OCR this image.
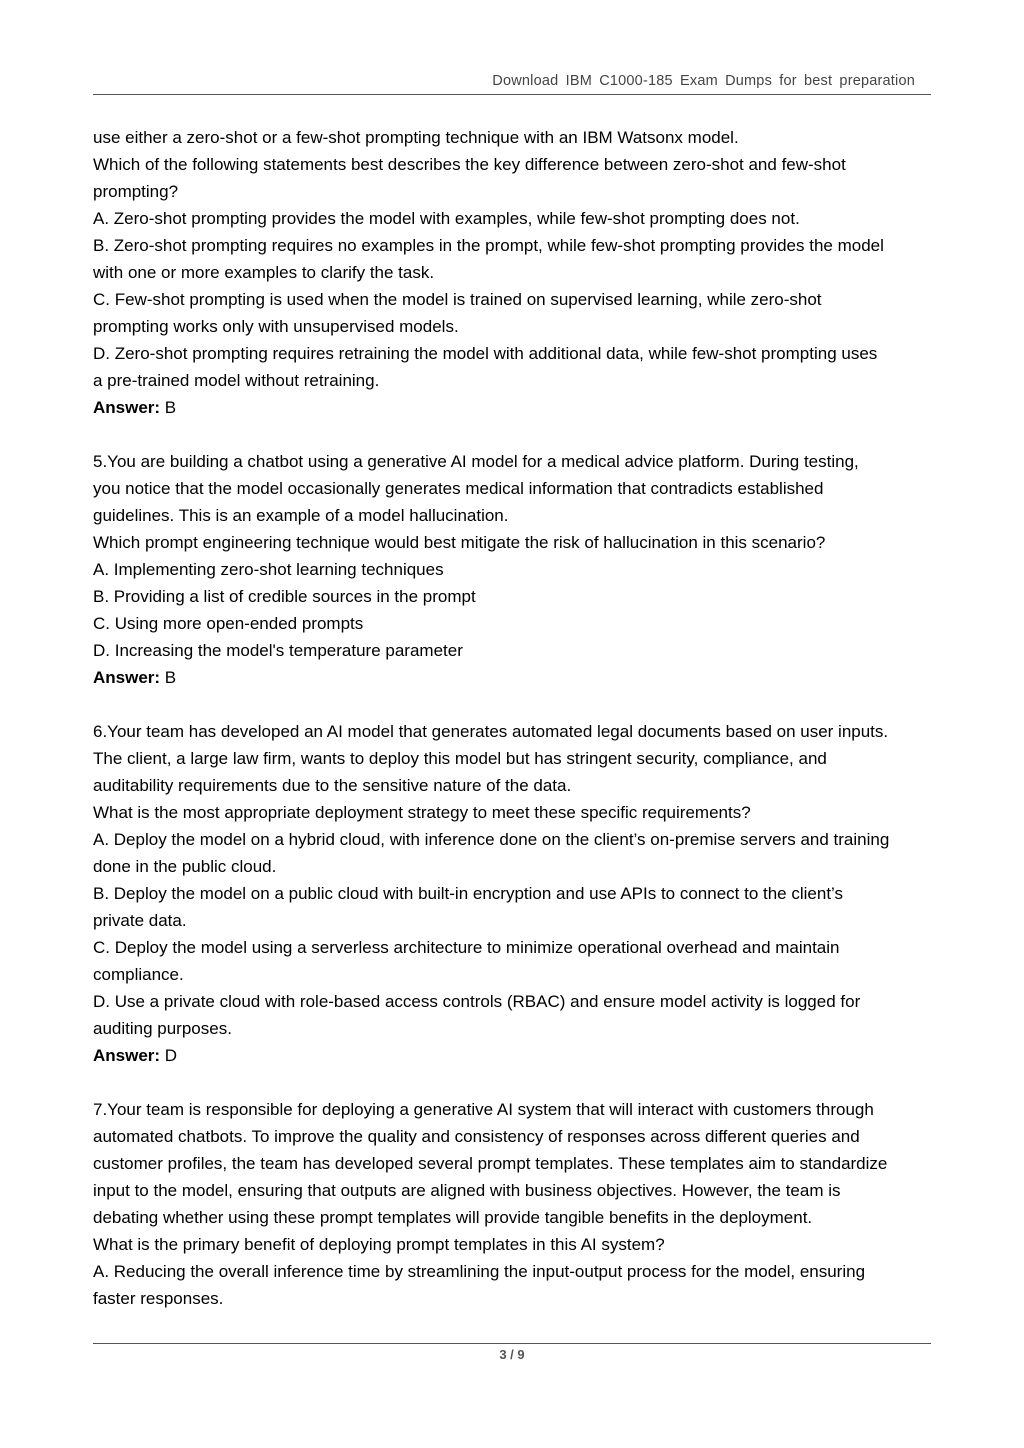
Download IBM C1000-185 Exam Dumps for best preparation
use either a zero-shot or a few-shot prompting technique with an IBM Watsonx model.
Which of the following statements best describes the key difference between zero-shot and few-shot
prompting?
A. Zero-shot prompting provides the model with examples, while few-shot prompting does not.
B. Zero-shot prompting requires no examples in the prompt, while few-shot prompting provides the model
with one or more examples to clarify the task.
C. Few-shot prompting is used when the model is trained on supervised learning, while zero-shot
prompting works only with unsupervised models.
D. Zero-shot prompting requires retraining the model with additional data, while few-shot prompting uses
a pre-trained model without retraining.
Answer: B
5.You are building a chatbot using a generative AI model for a medical advice platform. During testing,
you notice that the model occasionally generates medical information that contradicts established
guidelines. This is an example of a model hallucination.
Which prompt engineering technique would best mitigate the risk of hallucination in this scenario?
A. Implementing zero-shot learning techniques
B. Providing a list of credible sources in the prompt
C. Using more open-ended prompts
D. Increasing the model's temperature parameter
Answer: B
6.Your team has developed an AI model that generates automated legal documents based on user inputs.
The client, a large law firm, wants to deploy this model but has stringent security, compliance, and
auditability requirements due to the sensitive nature of the data.
What is the most appropriate deployment strategy to meet these specific requirements?
A. Deploy the model on a hybrid cloud, with inference done on the client’s on-premise servers and training
done in the public cloud.
B. Deploy the model on a public cloud with built-in encryption and use APIs to connect to the client’s
private data.
C. Deploy the model using a serverless architecture to minimize operational overhead and maintain
compliance.
D. Use a private cloud with role-based access controls (RBAC) and ensure model activity is logged for
auditing purposes.
Answer: D
7.Your team is responsible for deploying a generative AI system that will interact with customers through
automated chatbots. To improve the quality and consistency of responses across different queries and
customer profiles, the team has developed several prompt templates. These templates aim to standardize
input to the model, ensuring that outputs are aligned with business objectives. However, the team is
debating whether using these prompt templates will provide tangible benefits in the deployment.
What is the primary benefit of deploying prompt templates in this AI system?
A. Reducing the overall inference time by streamlining the input-output process for the model, ensuring
faster responses.
3 / 9
